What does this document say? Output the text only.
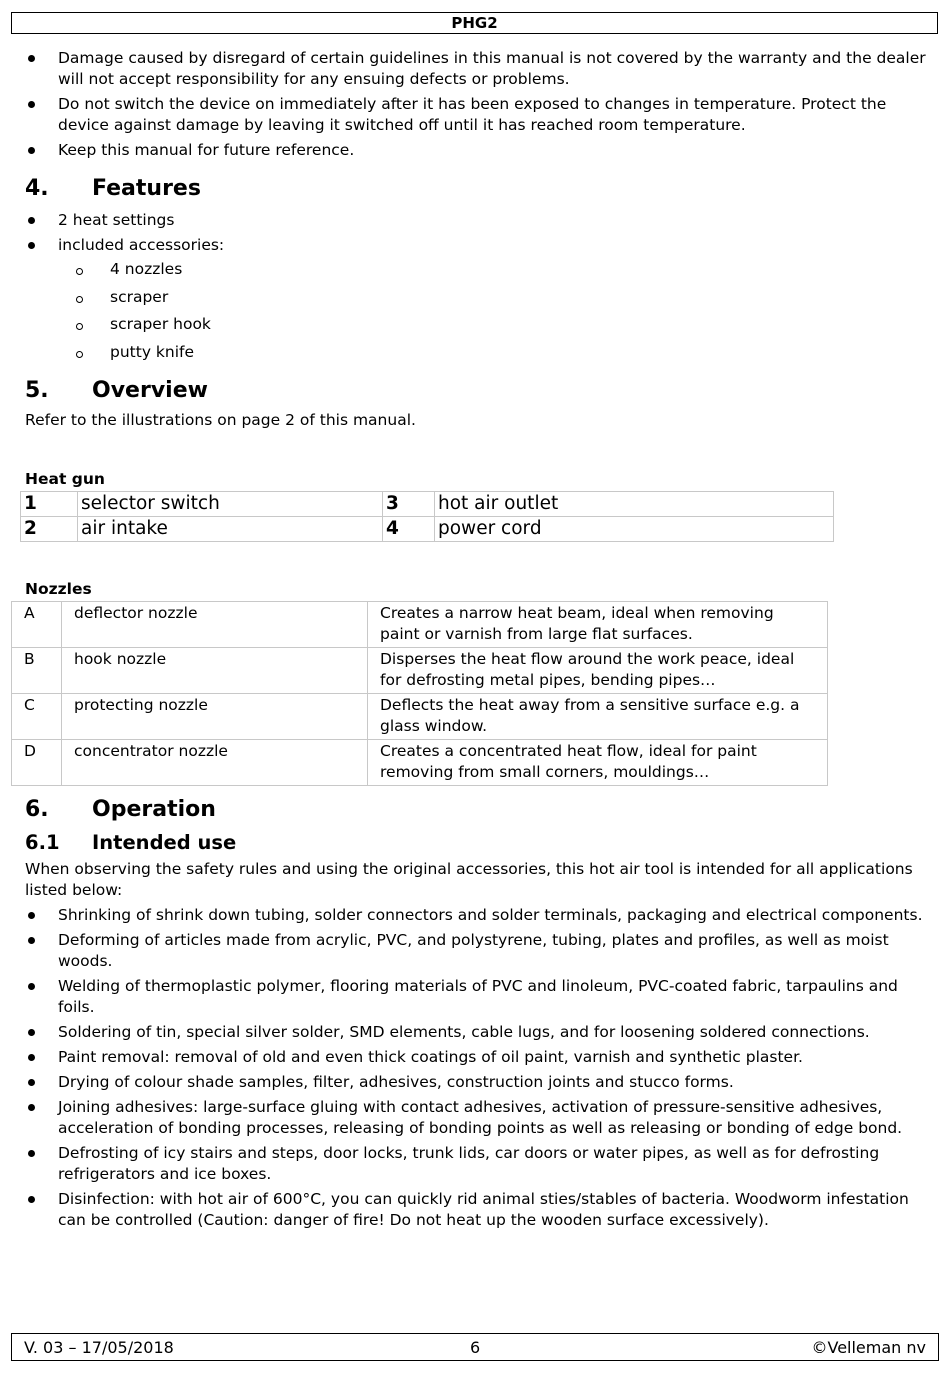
PHG2
Damage caused by disregard of certain guidelines in this manual is not covered by the warranty and the dealer will not accept responsibility for any ensuing defects or problems.
Do not switch the device on immediately after it has been exposed to changes in temperature. Protect the device against damage by leaving it switched off until it has reached room temperature.
Keep this manual for future reference.
4. Features
2 heat settings
included accessories:
4 nozzles
scraper
scraper hook
putty knife
5. Overview

Refer to the illustrations on page 2 of this manual.

Heat gun
1	selector switch	3	hot air outlet
2	air intake	4	power cord
Nozzles
A	deflector nozzle	Creates a narrow heat beam, ideal when removing paint or varnish from large flat surfaces.
B	hook nozzle	Disperses the heat flow around the work peace, ideal for defrosting metal pipes, bending pipes…
C	protecting nozzle	Deflects the heat away from a sensitive surface e.g. a glass window.
D	concentrator nozzle	Creates a concentrated heat flow, ideal for paint removing from small corners, mouldings…
6. Operation
6.1 Intended use

When observing the safety rules and using the original accessories, this hot air tool is intended for all applications listed below:

Shrinking of shrink down tubing, solder connectors and solder terminals, packaging and electrical components.
Deforming of articles made from acrylic, PVC, and polystyrene, tubing, plates and profiles, as well as moist woods.
Welding of thermoplastic polymer, flooring materials of PVC and linoleum, PVC-coated fabric, tarpaulins and foils.
Soldering of tin, special silver solder, SMD elements, cable lugs, and for loosening soldered connections.
Paint removal: removal of old and even thick coatings of oil paint, varnish and synthetic plaster.
Drying of colour shade samples, filter, adhesives, construction joints and stucco forms.
Joining adhesives: large-surface gluing with contact adhesives, activation of pressure-sensitive adhesives, acceleration of bonding processes, releasing of bonding points as well as releasing or bonding of edge bond.
Defrosting of icy stairs and steps, door locks, trunk lids, car doors or water pipes, as well as for defrosting refrigerators and ice boxes.
Disinfection: with hot air of 600°C, you can quickly rid animal sties/stables of bacteria. Woodworm infestation can be controlled (Caution: danger of fire! Do not heat up the wooden surface excessively).
V. 03 – 17/05/2018	6	©Velleman nv
